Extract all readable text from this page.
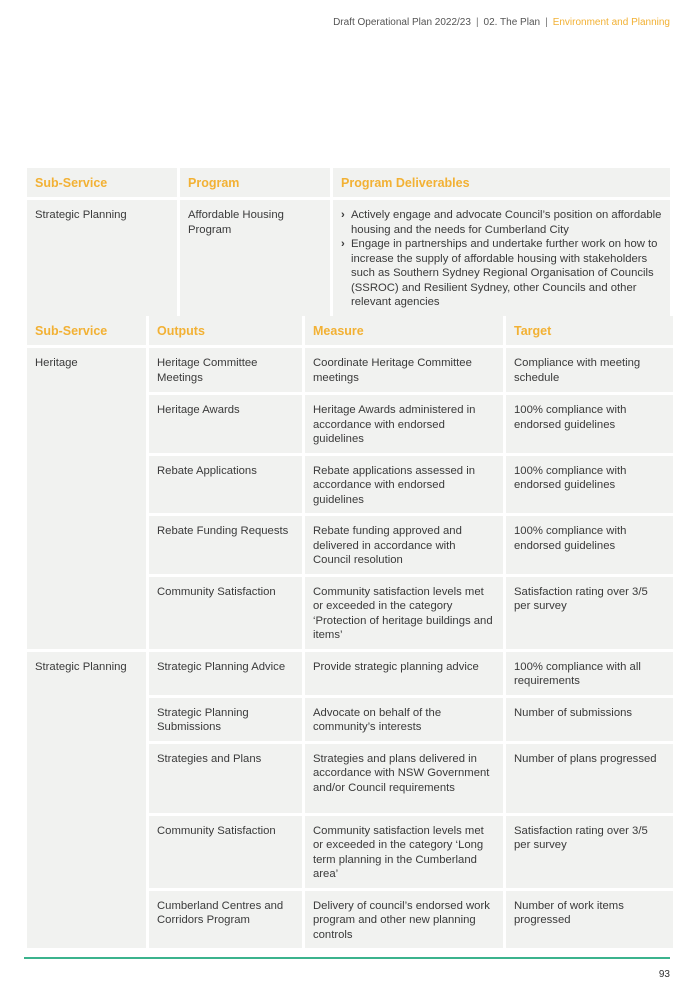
Draft Operational Plan 2022/23 | 02. The Plan | Environment and Planning
Sub-Service	Program	Program Deliverables
Strategic Planning	Affordable Housing Program	› Actively engage and advocate Council’s position on affordable housing and the needs for Cumberland City
› Engage in partnerships and undertake further work on how to increase the supply of affordable housing with stakeholders such as Southern Sydney Regional Organisation of Councils (SSROC) and Resilient Sydney, other Councils and other relevant agencies
Sub-Service	Outputs	Measure	Target
Heritage	Heritage Committee Meetings	Coordinate Heritage Committee meetings	Compliance with meeting schedule
	Heritage Awards	Heritage Awards administered in accordance with endorsed guidelines	100% compliance with endorsed guidelines
	Rebate Applications	Rebate applications assessed in accordance with endorsed guidelines	100% compliance with endorsed guidelines
	Rebate Funding Requests	Rebate funding approved and delivered in accordance with Council resolution	100% compliance with endorsed guidelines
	Community Satisfaction	Community satisfaction levels met or exceeded in the category ‘Protection of heritage buildings and items’	Satisfaction rating over 3/5 per survey
Strategic Planning	Strategic Planning Advice	Provide strategic planning advice	100% compliance with all requirements
	Strategic Planning Submissions	Advocate on behalf of the community’s interests	Number of submissions
	Strategies and Plans	Strategies and plans delivered in accordance with NSW Government and/or Council requirements	Number of plans progressed
	Community Satisfaction	Community satisfaction levels met or exceeded in the category ‘Long term planning in the Cumberland area’	Satisfaction rating over 3/5 per survey
	Cumberland Centres and Corridors Program	Delivery of council’s endorsed work program and other new planning controls	Number of work items progressed
93
